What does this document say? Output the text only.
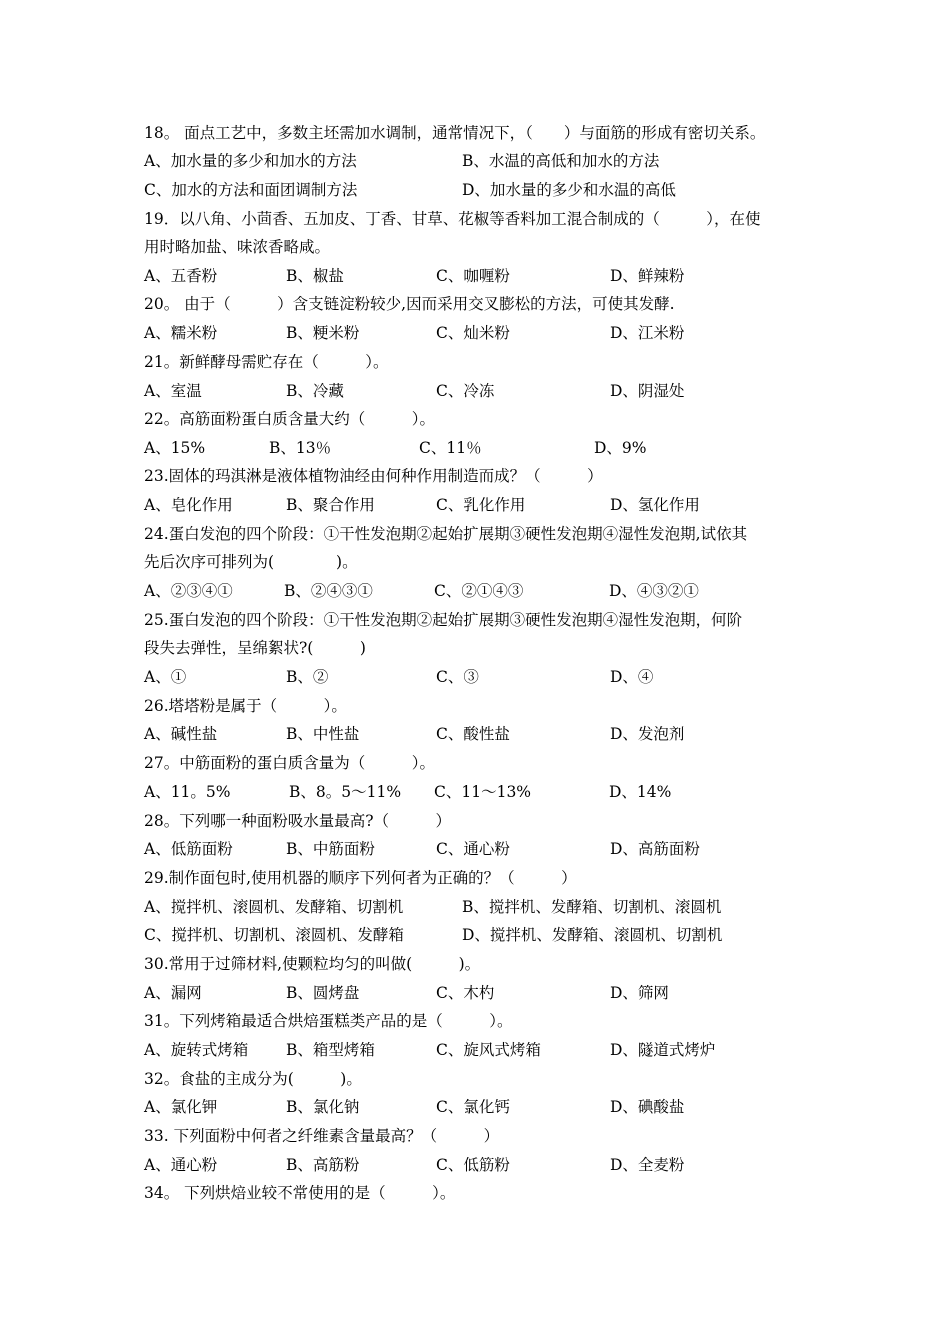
18。 面点工艺中，多数主坯需加水调制，通常情况下，（　　）与面筋的形成有密切关系。
A、加水量的多少和加水的方法	B、水温的高低和加水的方法
C、加水的方法和面团调制方法	D、加水量的多少和水温的高低
19．以八角、小茴香、五加皮、丁香、甘草、花椒等香料加工混合制成的（　　　），在使
用时略加盐、味浓香略咸。
A、五香粉	B、椒盐	C、咖喱粉	D、鲜辣粉
20。 由于（　　　）含支链淀粉较少,因而采用交叉膨松的方法，可使其发酵.
A、糯米粉	B、粳米粉	C、灿米粉	D、江米粉
21。新鲜酵母需贮存在（　　　）。
A、室温	B、冷藏	C、冷冻	D、阴湿处
22。高筋面粉蛋白质含量大约（　　　）。
A、15%	B、13％	C、11％	D、9%
23.固体的玛淇淋是液体植物油经由何种作用制造而成？（　　　）
A、皂化作用	B、聚合作用	C、乳化作用	D、氢化作用
24.蛋白发泡的四个阶段：①干性发泡期②起始扩展期③硬性发泡期④湿性发泡期,试依其
先后次序可排列为(　　　　)。
A、②③④①	B、②④③①	C、②①④③	D、④③②①
25.蛋白发泡的四个阶段：①干性发泡期②起始扩展期③硬性发泡期④湿性发泡期，何阶
段失去弹性，呈绵絮状?(　　　)
A、①	B、②	C、③	D、④
26.塔塔粉是属于（　　　）。
A、碱性盐	B、中性盐	C、酸性盐	D、发泡剂
27。中筋面粉的蛋白质含量为（　　　）。
A、11。5%	B、8。5～11% C、11～13%	D、14%
28。下列哪一种面粉吸水量最高?（　　　）
A、低筋面粉	B、中筋面粉	C、通心粉	D、高筋面粉
29.制作面包时,使用机器的顺序下列何者为正确的？（　　　）
A、搅拌机、滚圆机、发酵箱、切割机	B、搅拌机、发酵箱、切割机、滚圆机
C、搅拌机、切割机、滚圆机、发酵箱	D、搅拌机、发酵箱、滚圆机、切割机
30.常用于过筛材料,使颗粒均匀的叫做(　　　)。
A、漏网	B、圆烤盘	C、木杓	D、筛网
31。下列烤箱最适合烘焙蛋糕类产品的是（　　　）。
A、旋转式烤箱 B、箱型烤箱	C、旋风式烤箱	D、隧道式烤炉
32。食盐的主成分为(　　　)。
A、氯化钾	B、氯化钠	C、氯化钙	D、碘酸盐
33. 下列面粉中何者之纤维素含量最高？（　　　）
A、通心粉	B、高筋粉	C、低筋粉	D、全麦粉
34。 下列烘焙业较不常使用的是（　　　）。
